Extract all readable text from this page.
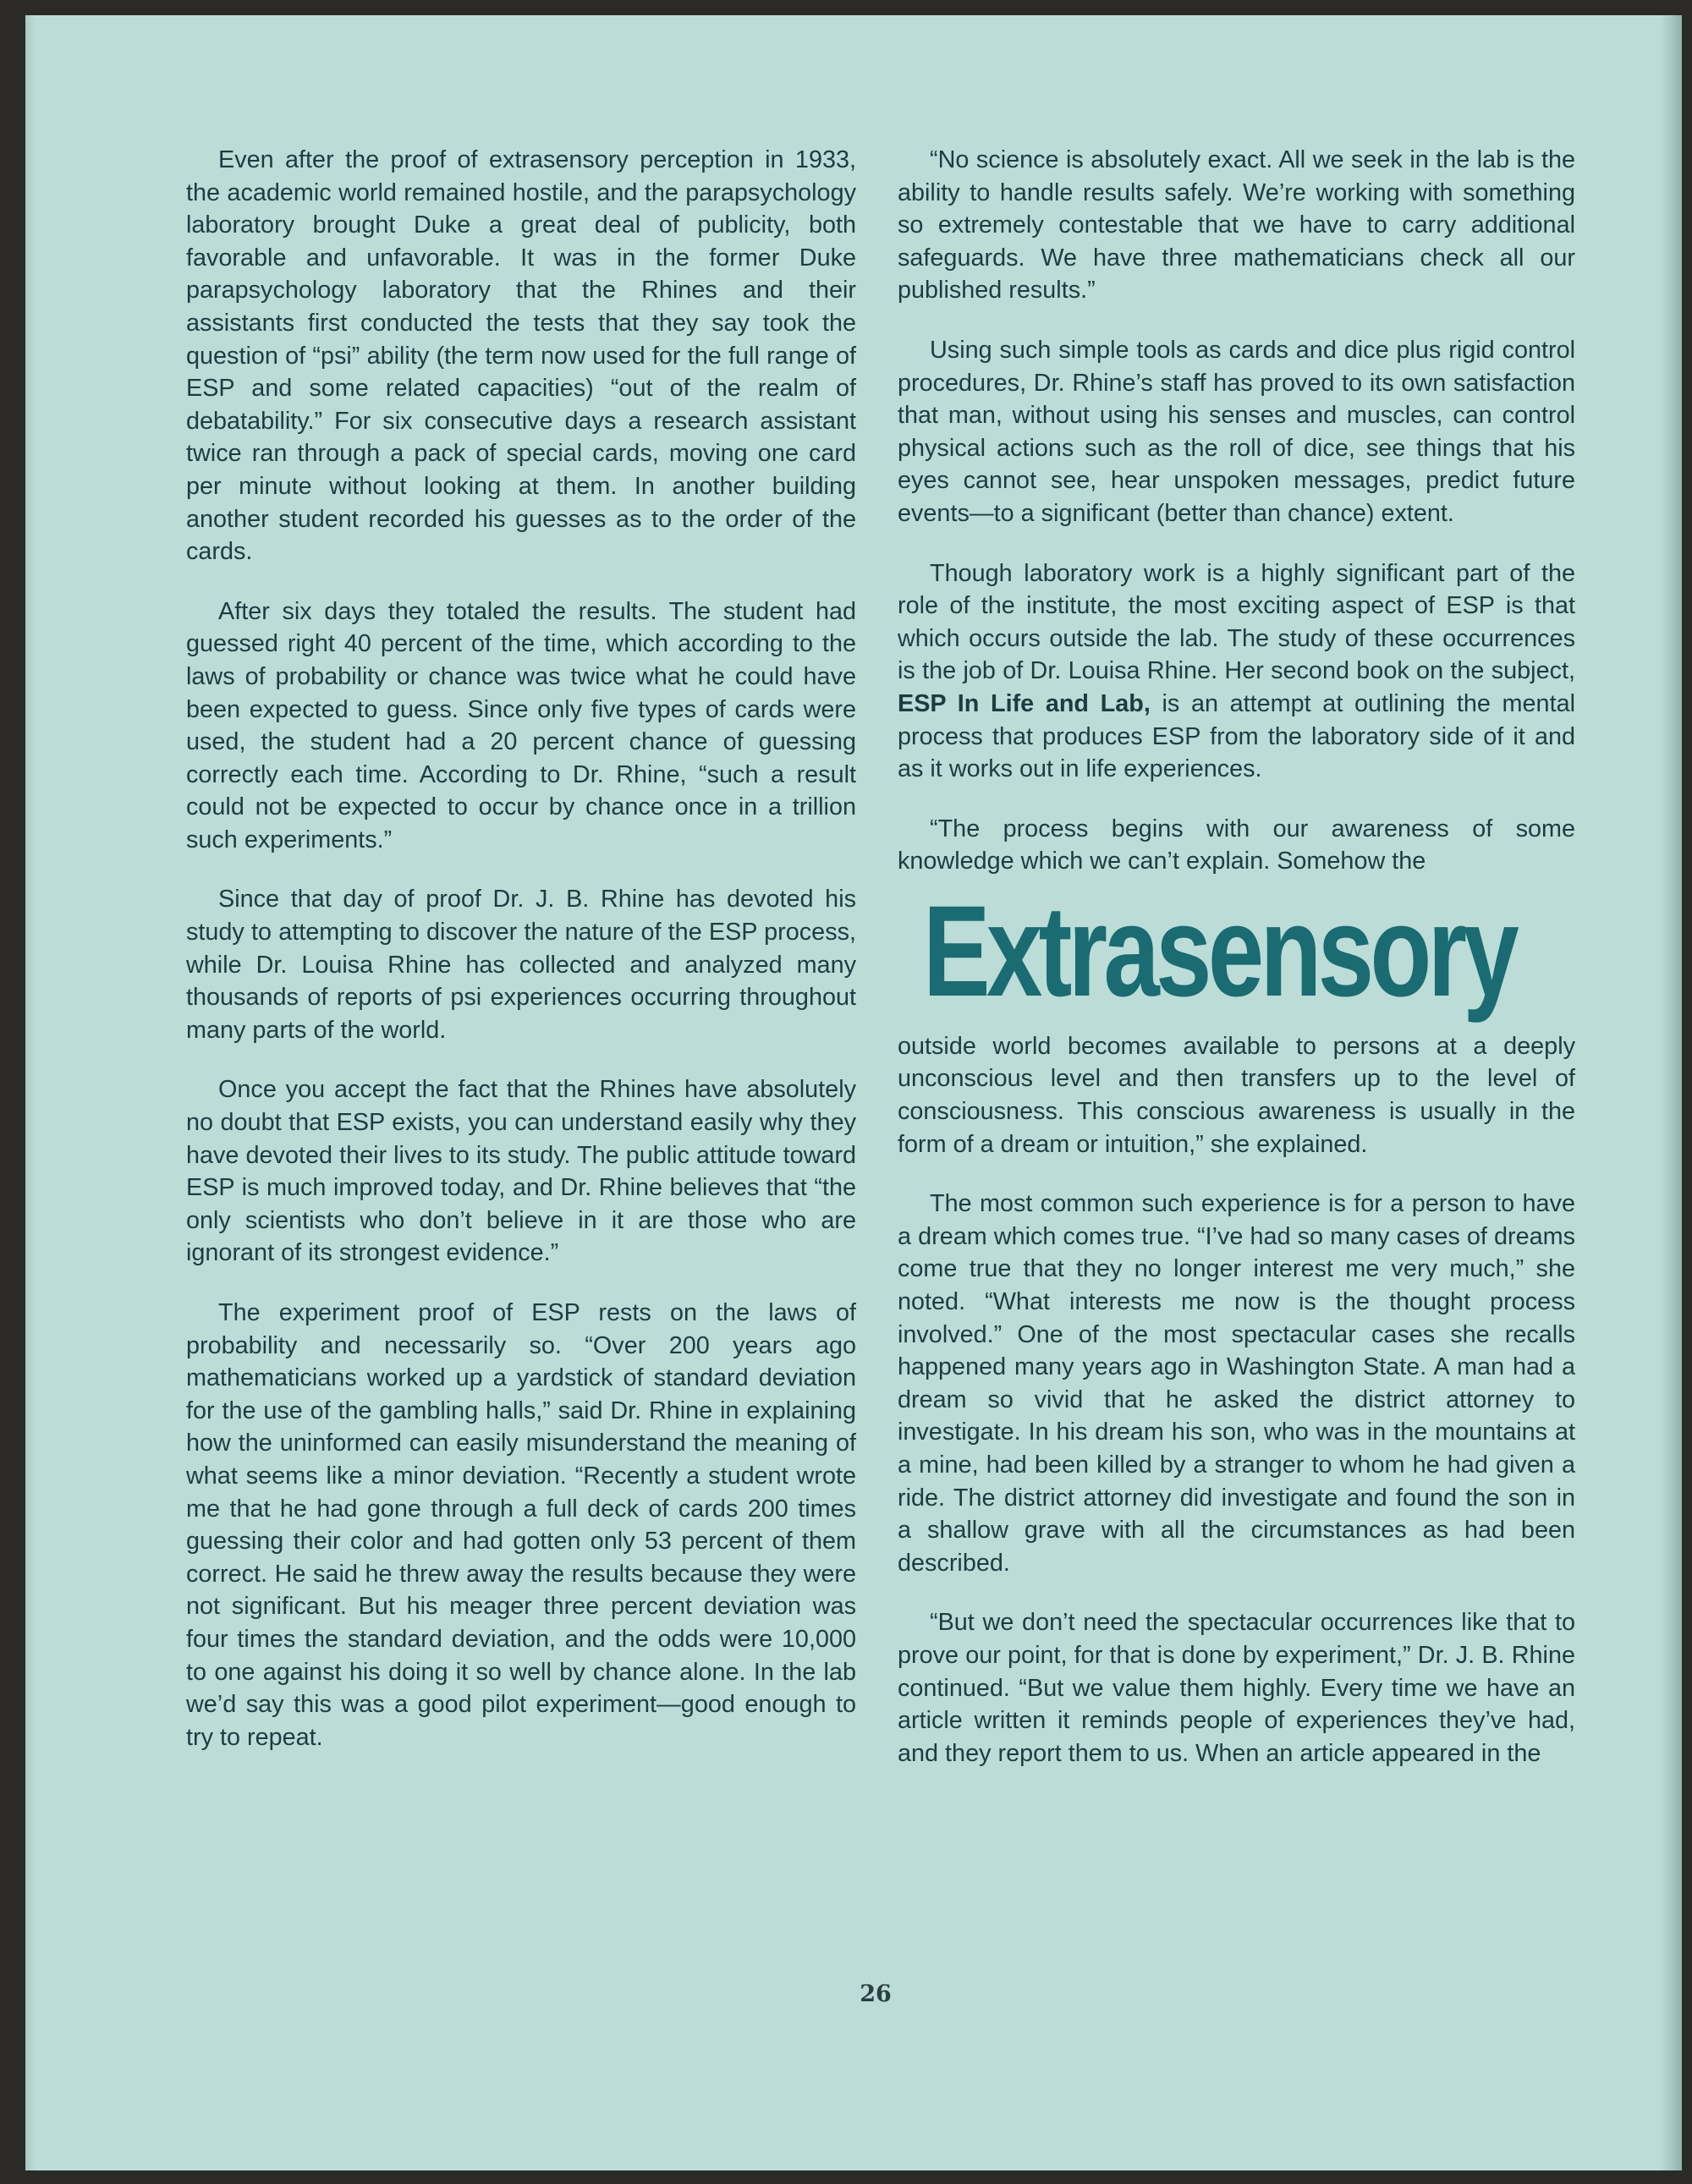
Even after the proof of extrasensory perception in 1933, the academic world remained hostile, and the parapsychology laboratory brought Duke a great deal of publicity, both favorable and unfavorable. It was in the former Duke parapsychology laboratory that the Rhines and their assistants first conducted the tests that they say took the question of “psi” ability (the term now used for the full range of ESP and some related capacities) “out of the realm of debatability.” For six consecutive days a research assistant twice ran through a pack of special cards, moving one card per minute without looking at them. In another building another student recorded his guesses as to the order of the cards.

After six days they totaled the results. The student had guessed right 40 percent of the time, which according to the laws of probability or chance was twice what he could have been expected to guess. Since only five types of cards were used, the student had a 20 percent chance of guessing correctly each time. According to Dr. Rhine, “such a result could not be expected to occur by chance once in a trillion such experiments.”

Since that day of proof Dr. J. B. Rhine has devoted his study to attempting to discover the nature of the ESP process, while Dr. Louisa Rhine has collected and analyzed many thousands of reports of psi experiences occurring throughout many parts of the world.

Once you accept the fact that the Rhines have absolutely no doubt that ESP exists, you can understand easily why they have devoted their lives to its study. The public attitude toward ESP is much improved today, and Dr. Rhine believes that “the only scientists who don’t believe in it are those who are ignorant of its strongest evidence.”

The experiment proof of ESP rests on the laws of probability and necessarily so. “Over 200 years ago mathematicians worked up a yardstick of standard deviation for the use of the gambling halls,” said Dr. Rhine in explaining how the uninformed can easily misunderstand the meaning of what seems like a minor deviation. “Recently a student wrote me that he had gone through a full deck of cards 200 times guessing their color and had gotten only 53 percent of them correct. He said he threw away the results because they were not significant. But his meager three percent deviation was four times the standard deviation, and the odds were 10,000 to one against his doing it so well by chance alone. In the lab we’d say this was a good pilot experiment—good enough to try to repeat.

“No science is absolutely exact. All we seek in the lab is the ability to handle results safely. We’re working with something so extremely contestable that we have to carry additional safeguards. We have three mathematicians check all our published results.”

Using such simple tools as cards and dice plus rigid control procedures, Dr. Rhine’s staff has proved to its own satisfaction that man, without using his senses and muscles, can control physical actions such as the roll of dice, see things that his eyes cannot see, hear unspoken messages, predict future events—to a significant (better than chance) extent.

Though laboratory work is a highly significant part of the role of the institute, the most exciting aspect of ESP is that which occurs outside the lab. The study of these occurrences is the job of Dr. Louisa Rhine. Her second book on the subject, ESP In Life and Lab, is an attempt at outlining the mental process that produces ESP from the laboratory side of it and as it works out in life experiences.

“The process begins with our awareness of some knowledge which we can’t explain. Somehow the

Extrasensory

outside world becomes available to persons at a deeply unconscious level and then transfers up to the level of consciousness. This conscious awareness is usually in the form of a dream or intuition,” she explained.

The most common such experience is for a person to have a dream which comes true. “I’ve had so many cases of dreams come true that they no longer interest me very much,” she noted. “What interests me now is the thought process involved.” One of the most spectacular cases she recalls happened many years ago in Washington State. A man had a dream so vivid that he asked the district attorney to investigate. In his dream his son, who was in the mountains at a mine, had been killed by a stranger to whom he had given a ride. The district attorney did investigate and found the son in a shallow grave with all the circumstances as had been described.

“But we don’t need the spectacular occurrences like that to prove our point, for that is done by experiment,” Dr. J. B. Rhine continued. “But we value them highly. Every time we have an article written it reminds people of experiences they’ve had, and they report them to us. When an article appeared in the

26
